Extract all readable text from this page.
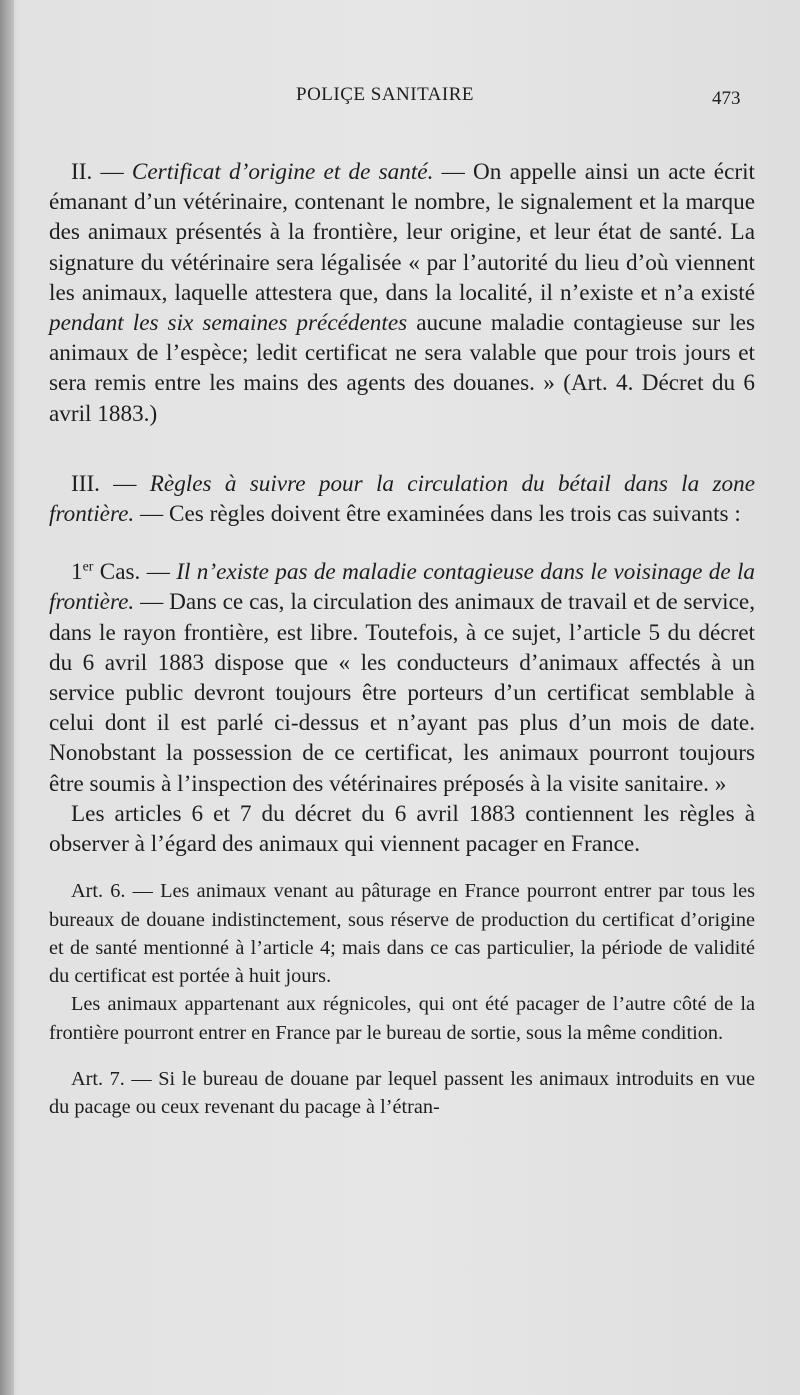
POLIÇE SANITAIRE	473

II. — Certificat d’origine et de santé. — On appelle ainsi un acte écrit émanant d’un vétérinaire, contenant le nombre, le signalement et la marque des animaux présentés à la frontière, leur origine, et leur état de santé. La signature du vétérinaire sera légalisée « par l’autorité du lieu d’où viennent les animaux, laquelle attestera que, dans la localité, il n’existe et n’a existé pendant les six semaines précédentes aucune maladie contagieuse sur les animaux de l’espèce; ledit certificat ne sera valable que pour trois jours et sera remis entre les mains des agents des douanes. » (Art. 4. Décret du 6 avril 1883.)

III. — Règles à suivre pour la circulation du bétail dans la zone frontière. — Ces règles doivent être examinées dans les trois cas suivants :

1er Cas. — Il n’existe pas de maladie contagieuse dans le voisinage de la frontière. — Dans ce cas, la circulation des animaux de travail et de service, dans le rayon frontière, est libre. Toutefois, à ce sujet, l’article 5 du décret du 6 avril 1883 dispose que « les conducteurs d’animaux affectés à un service public devront toujours être porteurs d’un certificat semblable à celui dont il est parlé ci-dessus et n’ayant pas plus d’un mois de date. Nonobstant la possession de ce certificat, les animaux pourront toujours être soumis à l’inspection des vétérinaires préposés à la visite sanitaire. »

Les articles 6 et 7 du décret du 6 avril 1883 contiennent les règles à observer à l’égard des animaux qui viennent pacager en France.

Art. 6. — Les animaux venant au pâturage en France pourront entrer par tous les bureaux de douane indistinctement, sous réserve de production du certificat d’origine et de santé mentionné à l’article 4; mais dans ce cas particulier, la période de validité du certificat est portée à huit jours.

Les animaux appartenant aux régnicoles, qui ont été pacager de l’autre côté de la frontière pourront entrer en France par le bureau de sortie, sous la même condition.

Art. 7. — Si le bureau de douane par lequel passent les animaux introduits en vue du pacage ou ceux revenant du pacage à l’étran-
